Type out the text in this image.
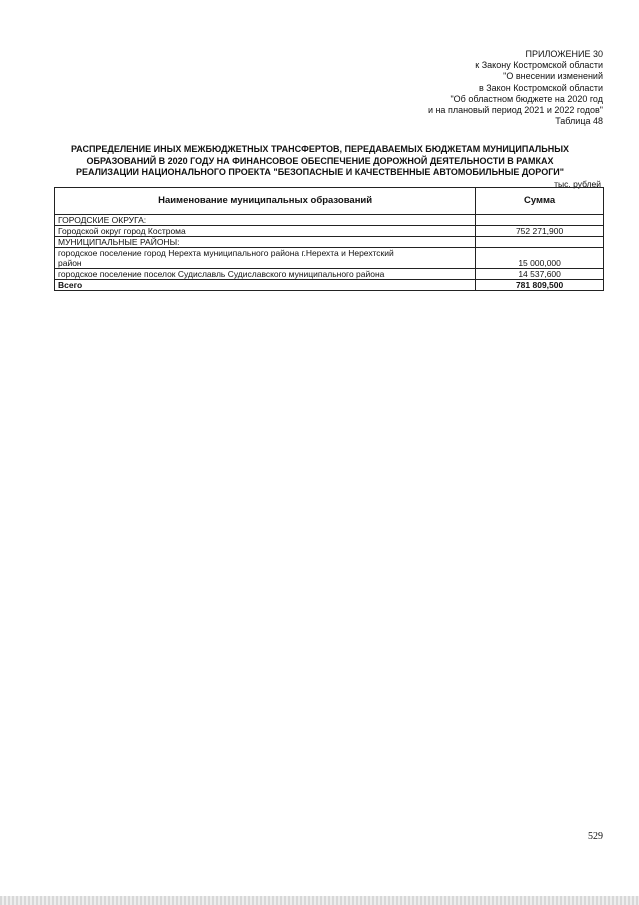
ПРИЛОЖЕНИЕ 30
к Закону Костромской области
"О внесении изменений
в Закон Костромской области
"Об областном бюджете на 2020 год
и на плановый период 2021 и 2022 годов"
Таблица 48
РАСПРЕДЕЛЕНИЕ ИНЫХ МЕЖБЮДЖЕТНЫХ ТРАНСФЕРТОВ, ПЕРЕДАВАЕМЫХ БЮДЖЕТАМ МУНИЦИПАЛЬНЫХ
ОБРАЗОВАНИЙ В 2020 ГОДУ НА ФИНАНСОВОЕ ОБЕСПЕЧЕНИЕ ДОРОЖНОЙ ДЕЯТЕЛЬНОСТИ В РАМКАХ
РЕАЛИЗАЦИИ НАЦИОНАЛЬНОГО ПРОЕКТА "БЕЗОПАСНЫЕ И КАЧЕСТВЕННЫЕ АВТОМОБИЛЬНЫЕ ДОРОГИ"
тыс. рублей
Наименование муниципальных образований	Сумма
ГОРОДСКИЕ ОКРУГА:	
Городской округ город Кострома	752 271,900
МУНИЦИПАЛЬНЫЕ РАЙОНЫ:	

городское поселение город Нерехта муниципального района г.Нерехта и Нерехтский
район	15 000,000
городское поселение поселок Судиславль Судиславского муниципального района	14 537,600
Всего	781 809,500
529
